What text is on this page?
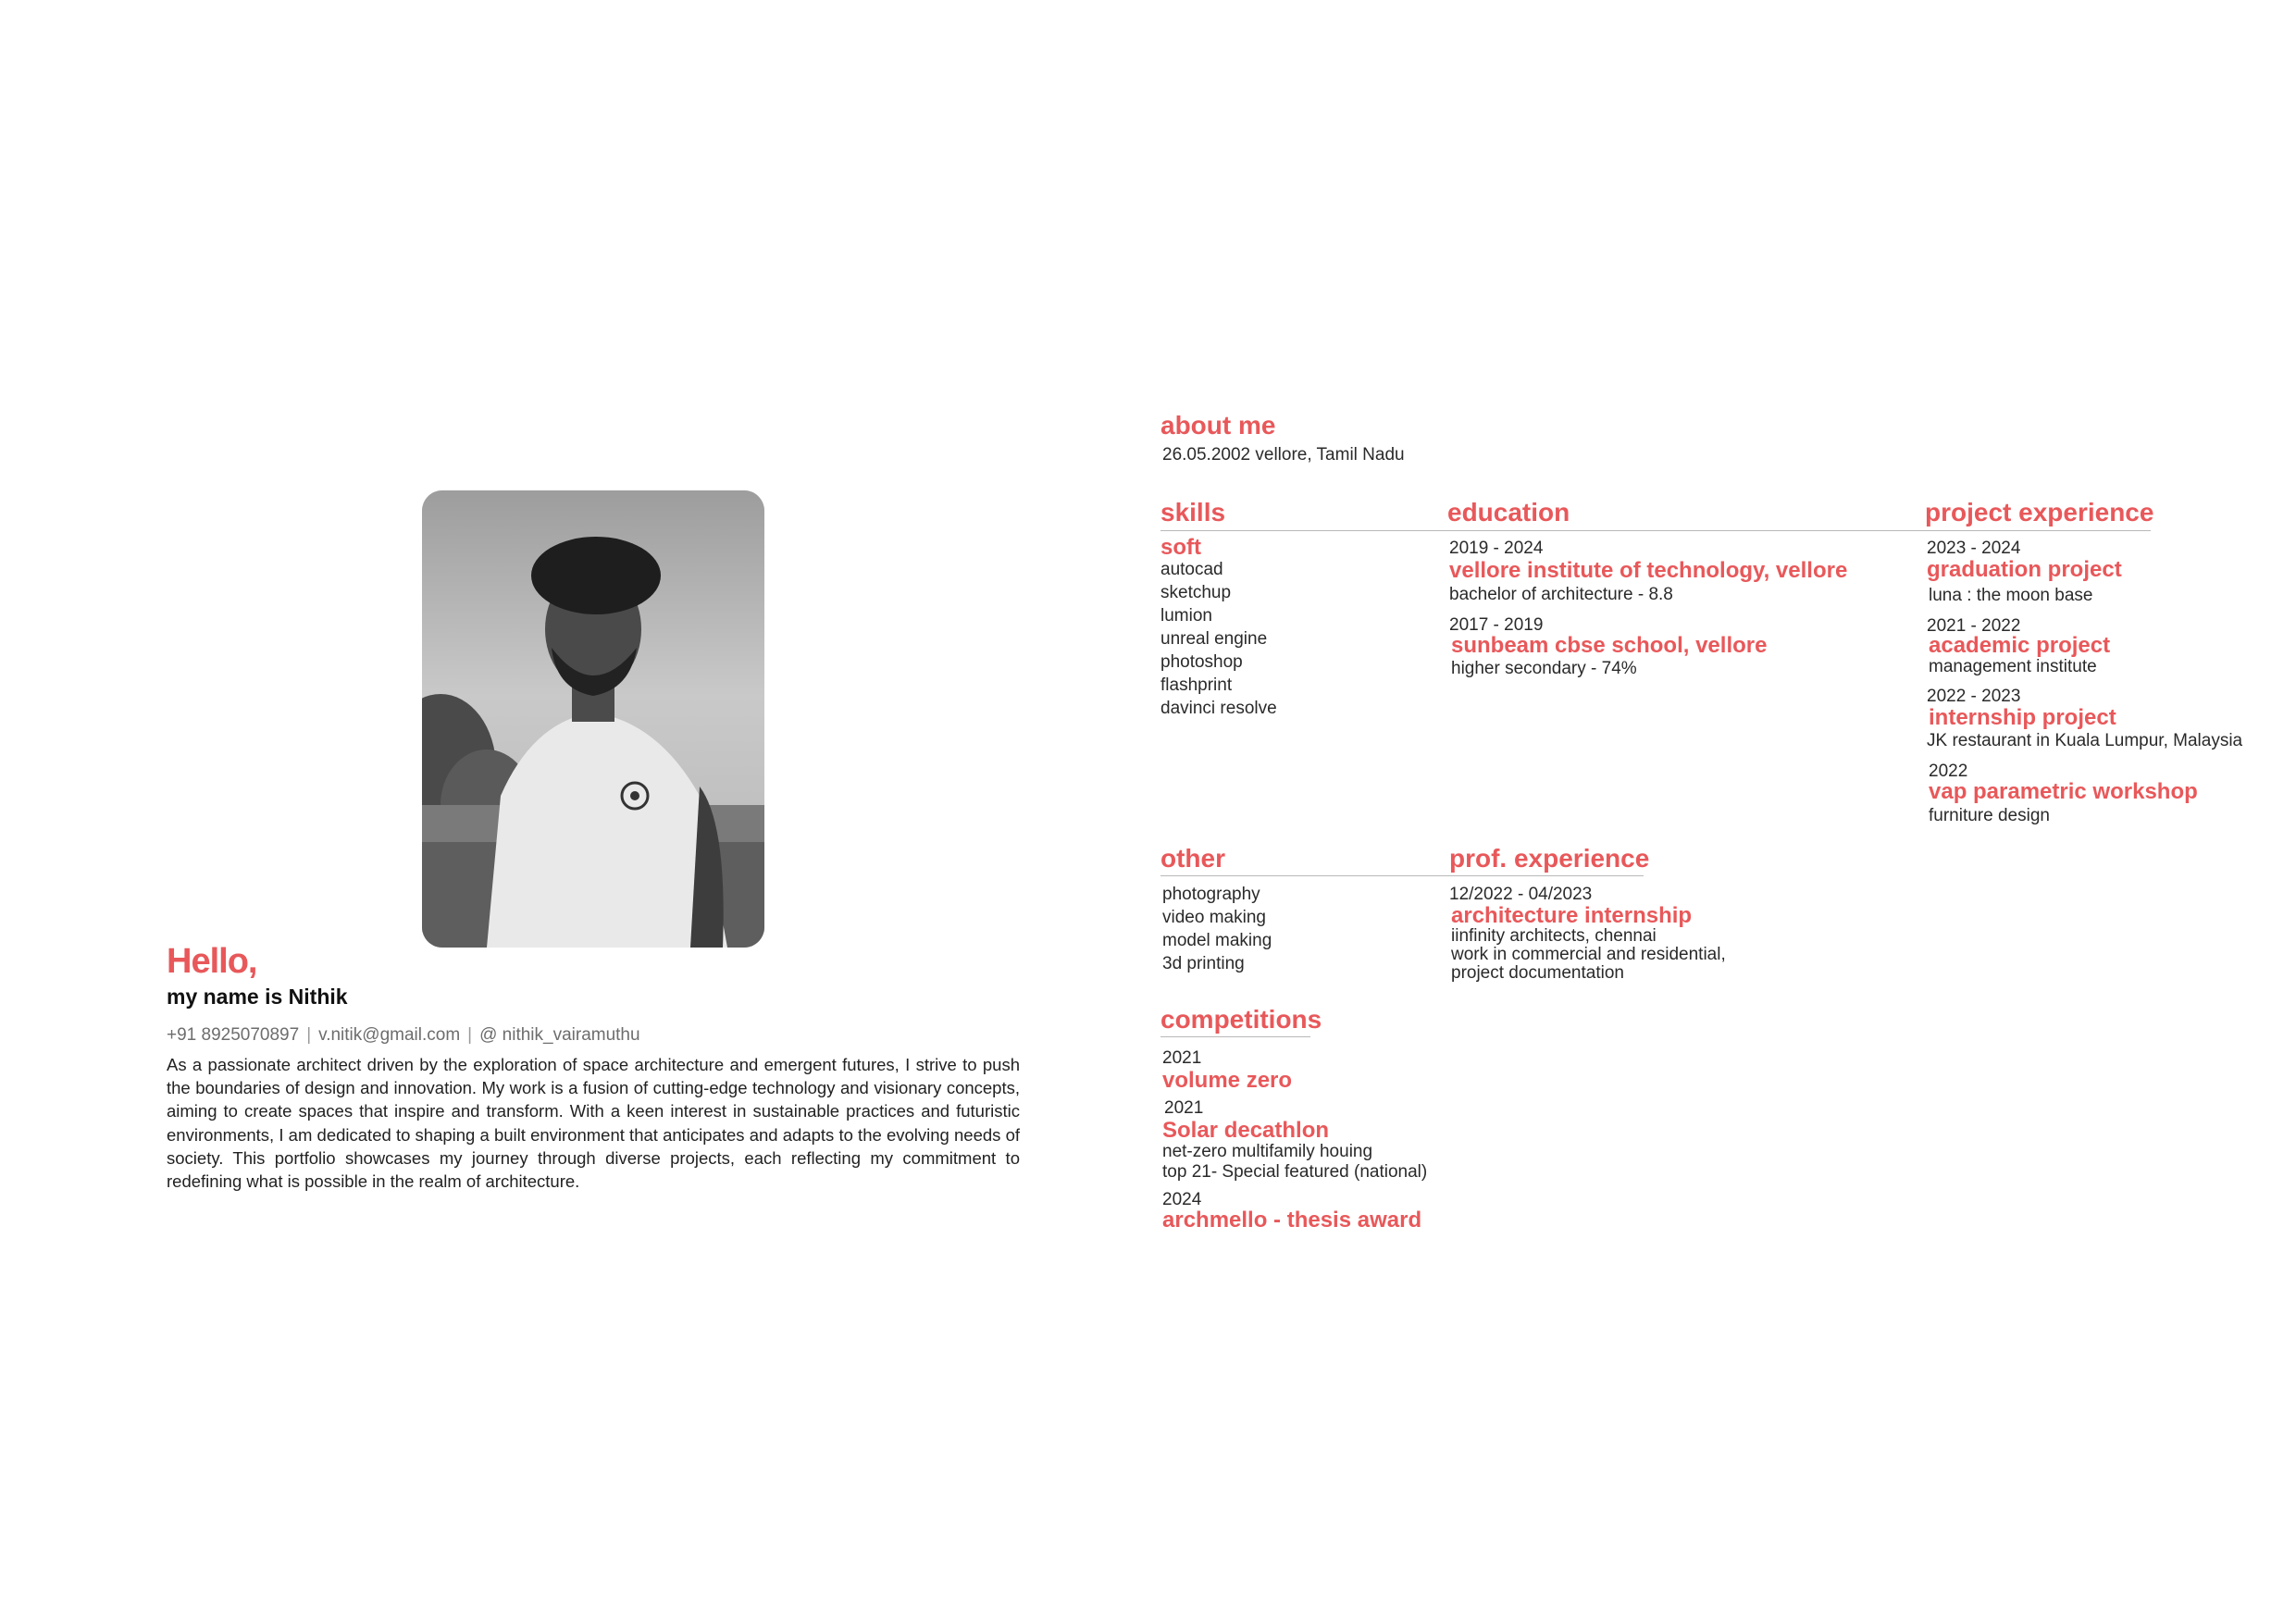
Hello,
my name is Nithik
+91 8925070897 | v.nitik@gmail.com | @ nithik_vairamuthu
As a passionate architect driven by the exploration of space architecture and emergent futures, I strive to push the boundaries of design and innovation. My work is a fusion of cutting-edge technology and visionary concepts, aiming to create spaces that inspire and transform. With a keen interest in sustainable practices and futuristic environments, I am dedicated to shaping a built environment that anticipates and adapts to the evolving needs of society. This portfolio showcases my journey through diverse projects, each reflecting my commitment to redefining what is possible in the realm of architecture.
about me
26.05.2002 vellore, Tamil Nadu
skills
soft
autocad
sketchup
lumion
unreal engine
photoshop
flashprint
davinci resolve
education
2019 - 2024
vellore institute of technology, vellore
bachelor of architecture - 8.8
2017 - 2019
sunbeam cbse school, vellore
higher secondary - 74%
project experience
2023 - 2024
graduation project
luna : the moon base
2021 - 2022
academic project
management institute
2022 - 2023
internship project
JK restaurant in Kuala Lumpur, Malaysia
2022
vap parametric workshop
furniture design
other
photography
video making
model making
3d printing
prof. experience
12/2022 - 04/2023
architecture internship
iinfinity architects, chennai
work in commercial and residential,
project documentation
competitions
2021
volume zero
2021
Solar decathlon
net-zero multifamily houing
top 21- Special featured (national)
2024
archmello - thesis award
